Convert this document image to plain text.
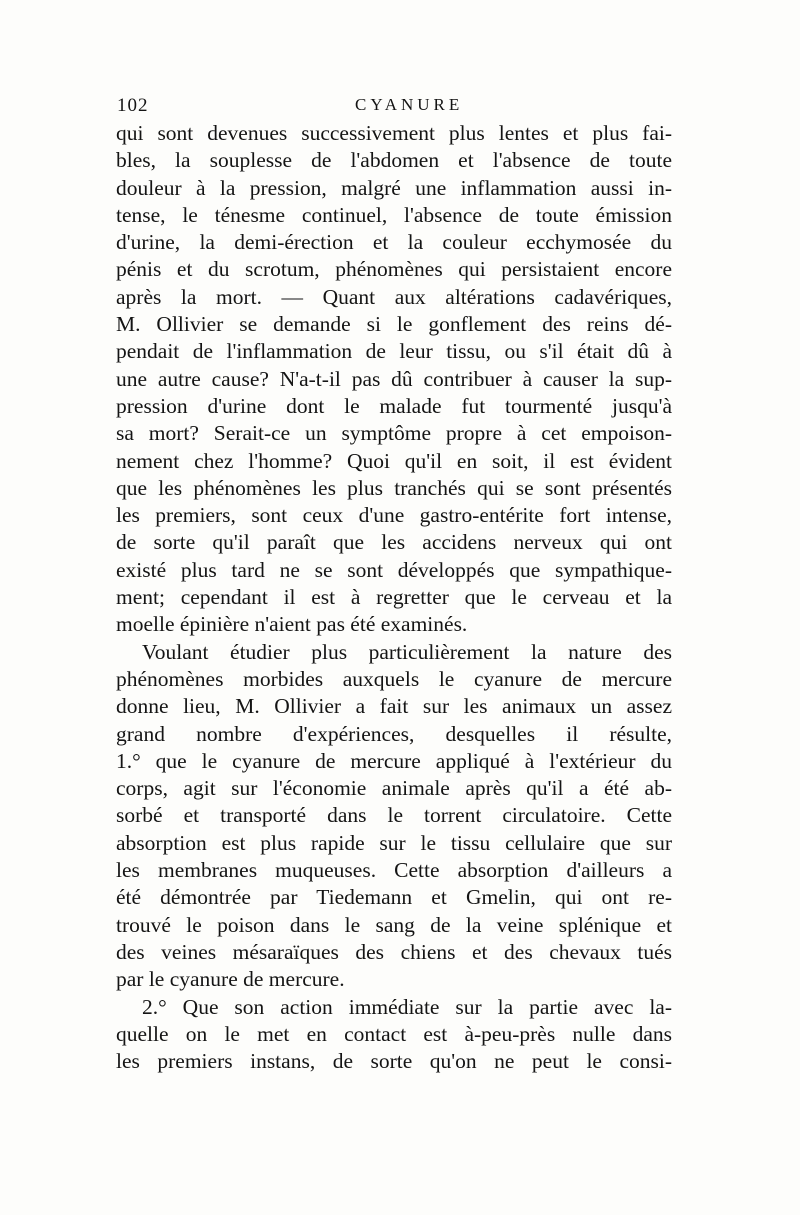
102	CYANURE
qui sont devenues successivement plus lentes et plus fai-
bles, la souplesse de l'abdomen et l'absence de toute
douleur à la pression, malgré une inflammation aussi in-
tense, le ténesme continuel, l'absence de toute émission
d'urine, la demi-érection et la couleur ecchymosée du
pénis et du scrotum, phénomènes qui persistaient encore
après la mort. — Quant aux altérations cadavériques,
M. Ollivier se demande si le gonflement des reins dé-
pendait de l'inflammation de leur tissu, ou s'il était dû à
une autre cause? N'a-t-il pas dû contribuer à causer la sup-
pression d'urine dont le malade fut tourmenté jusqu'à
sa mort? Serait-ce un symptôme propre à cet empoison-
nement chez l'homme? Quoi qu'il en soit, il est évident
que les phénomènes les plus tranchés qui se sont présentés
les premiers, sont ceux d'une gastro-entérite fort intense,
de sorte qu'il paraît que les accidens nerveux qui ont
existé plus tard ne se sont développés que sympathique-
ment; cependant il est à regretter que le cerveau et la
moelle épinière n'aient pas été examinés.
Voulant étudier plus particulièrement la nature des
phénomènes morbides auxquels le cyanure de mercure
donne lieu, M. Ollivier a fait sur les animaux un assez
grand nombre d'expériences, desquelles il résulte,
1.° que le cyanure de mercure appliqué à l'extérieur du
corps, agit sur l'économie animale après qu'il a été ab-
sorbé et transporté dans le torrent circulatoire. Cette
absorption est plus rapide sur le tissu cellulaire que sur
les membranes muqueuses. Cette absorption d'ailleurs a
été démontrée par Tiedemann et Gmelin, qui ont re-
trouvé le poison dans le sang de la veine splénique et
des veines mésaraïques des chiens et des chevaux tués
par le cyanure de mercure.
2.° Que son action immédiate sur la partie avec la-
quelle on le met en contact est à-peu-près nulle dans
les premiers instans, de sorte qu'on ne peut le consi-
